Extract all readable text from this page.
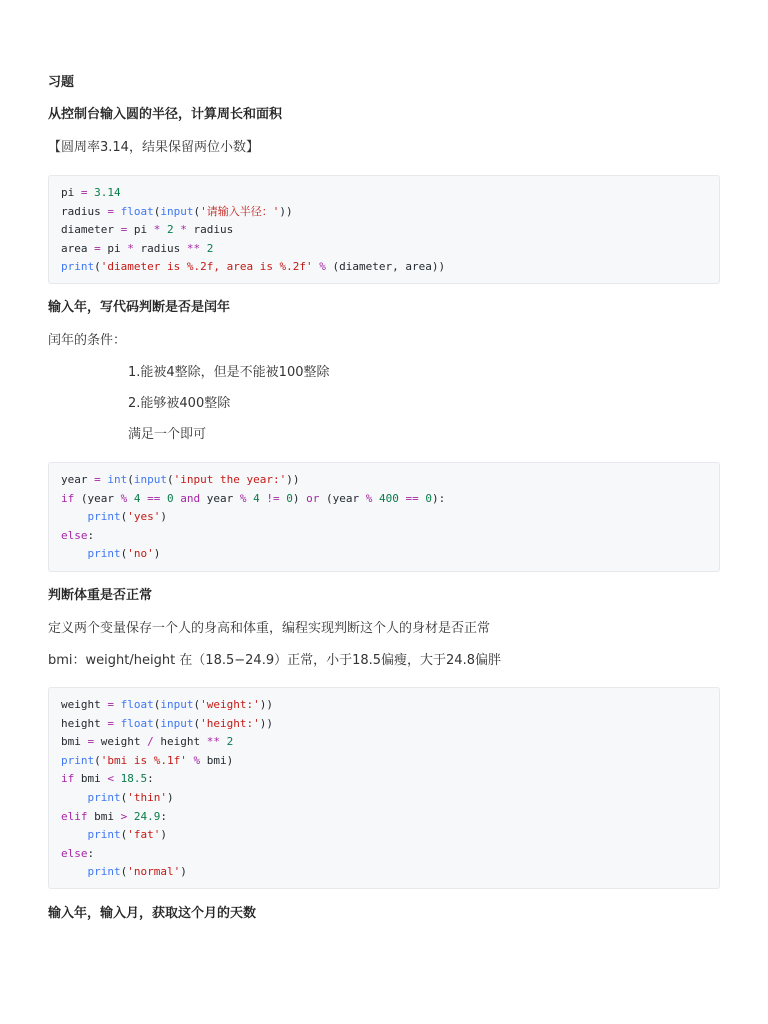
习题
从控制台输入圆的半径，计算周长和面积
【圆周率3.14，结果保留两位小数】
pi = 3.14
radius = float(input('请输入半径：'))
diameter = pi * 2 * radius
area = pi * radius ** 2
print('diameter is %.2f, area is %.2f' % (diameter, area))
输入年，写代码判断是否是闰年
闰年的条件：
1.能被4整除，但是不能被100整除
2.能够被400整除
满足一个即可
year = int(input('input the year:'))
if (year % 4 == 0 and year % 4 != 0) or (year % 400 == 0):
print('yes')
else:
print('no')
判断体重是否正常
定义两个变量保存一个人的身高和体重，编程实现判断这个人的身材是否正常
bmi：weight/height 在（18.5−24.9）正常，小于18.5偏瘦，大于24.8偏胖
weight = float(input('weight:'))
height = float(input('height:'))
bmi = weight / height ** 2
print('bmi is %.1f' % bmi)
if bmi < 18.5:
print('thin')
elif bmi > 24.9:
print('fat')
else:
print('normal')
输入年，输入月，获取这个月的天数
